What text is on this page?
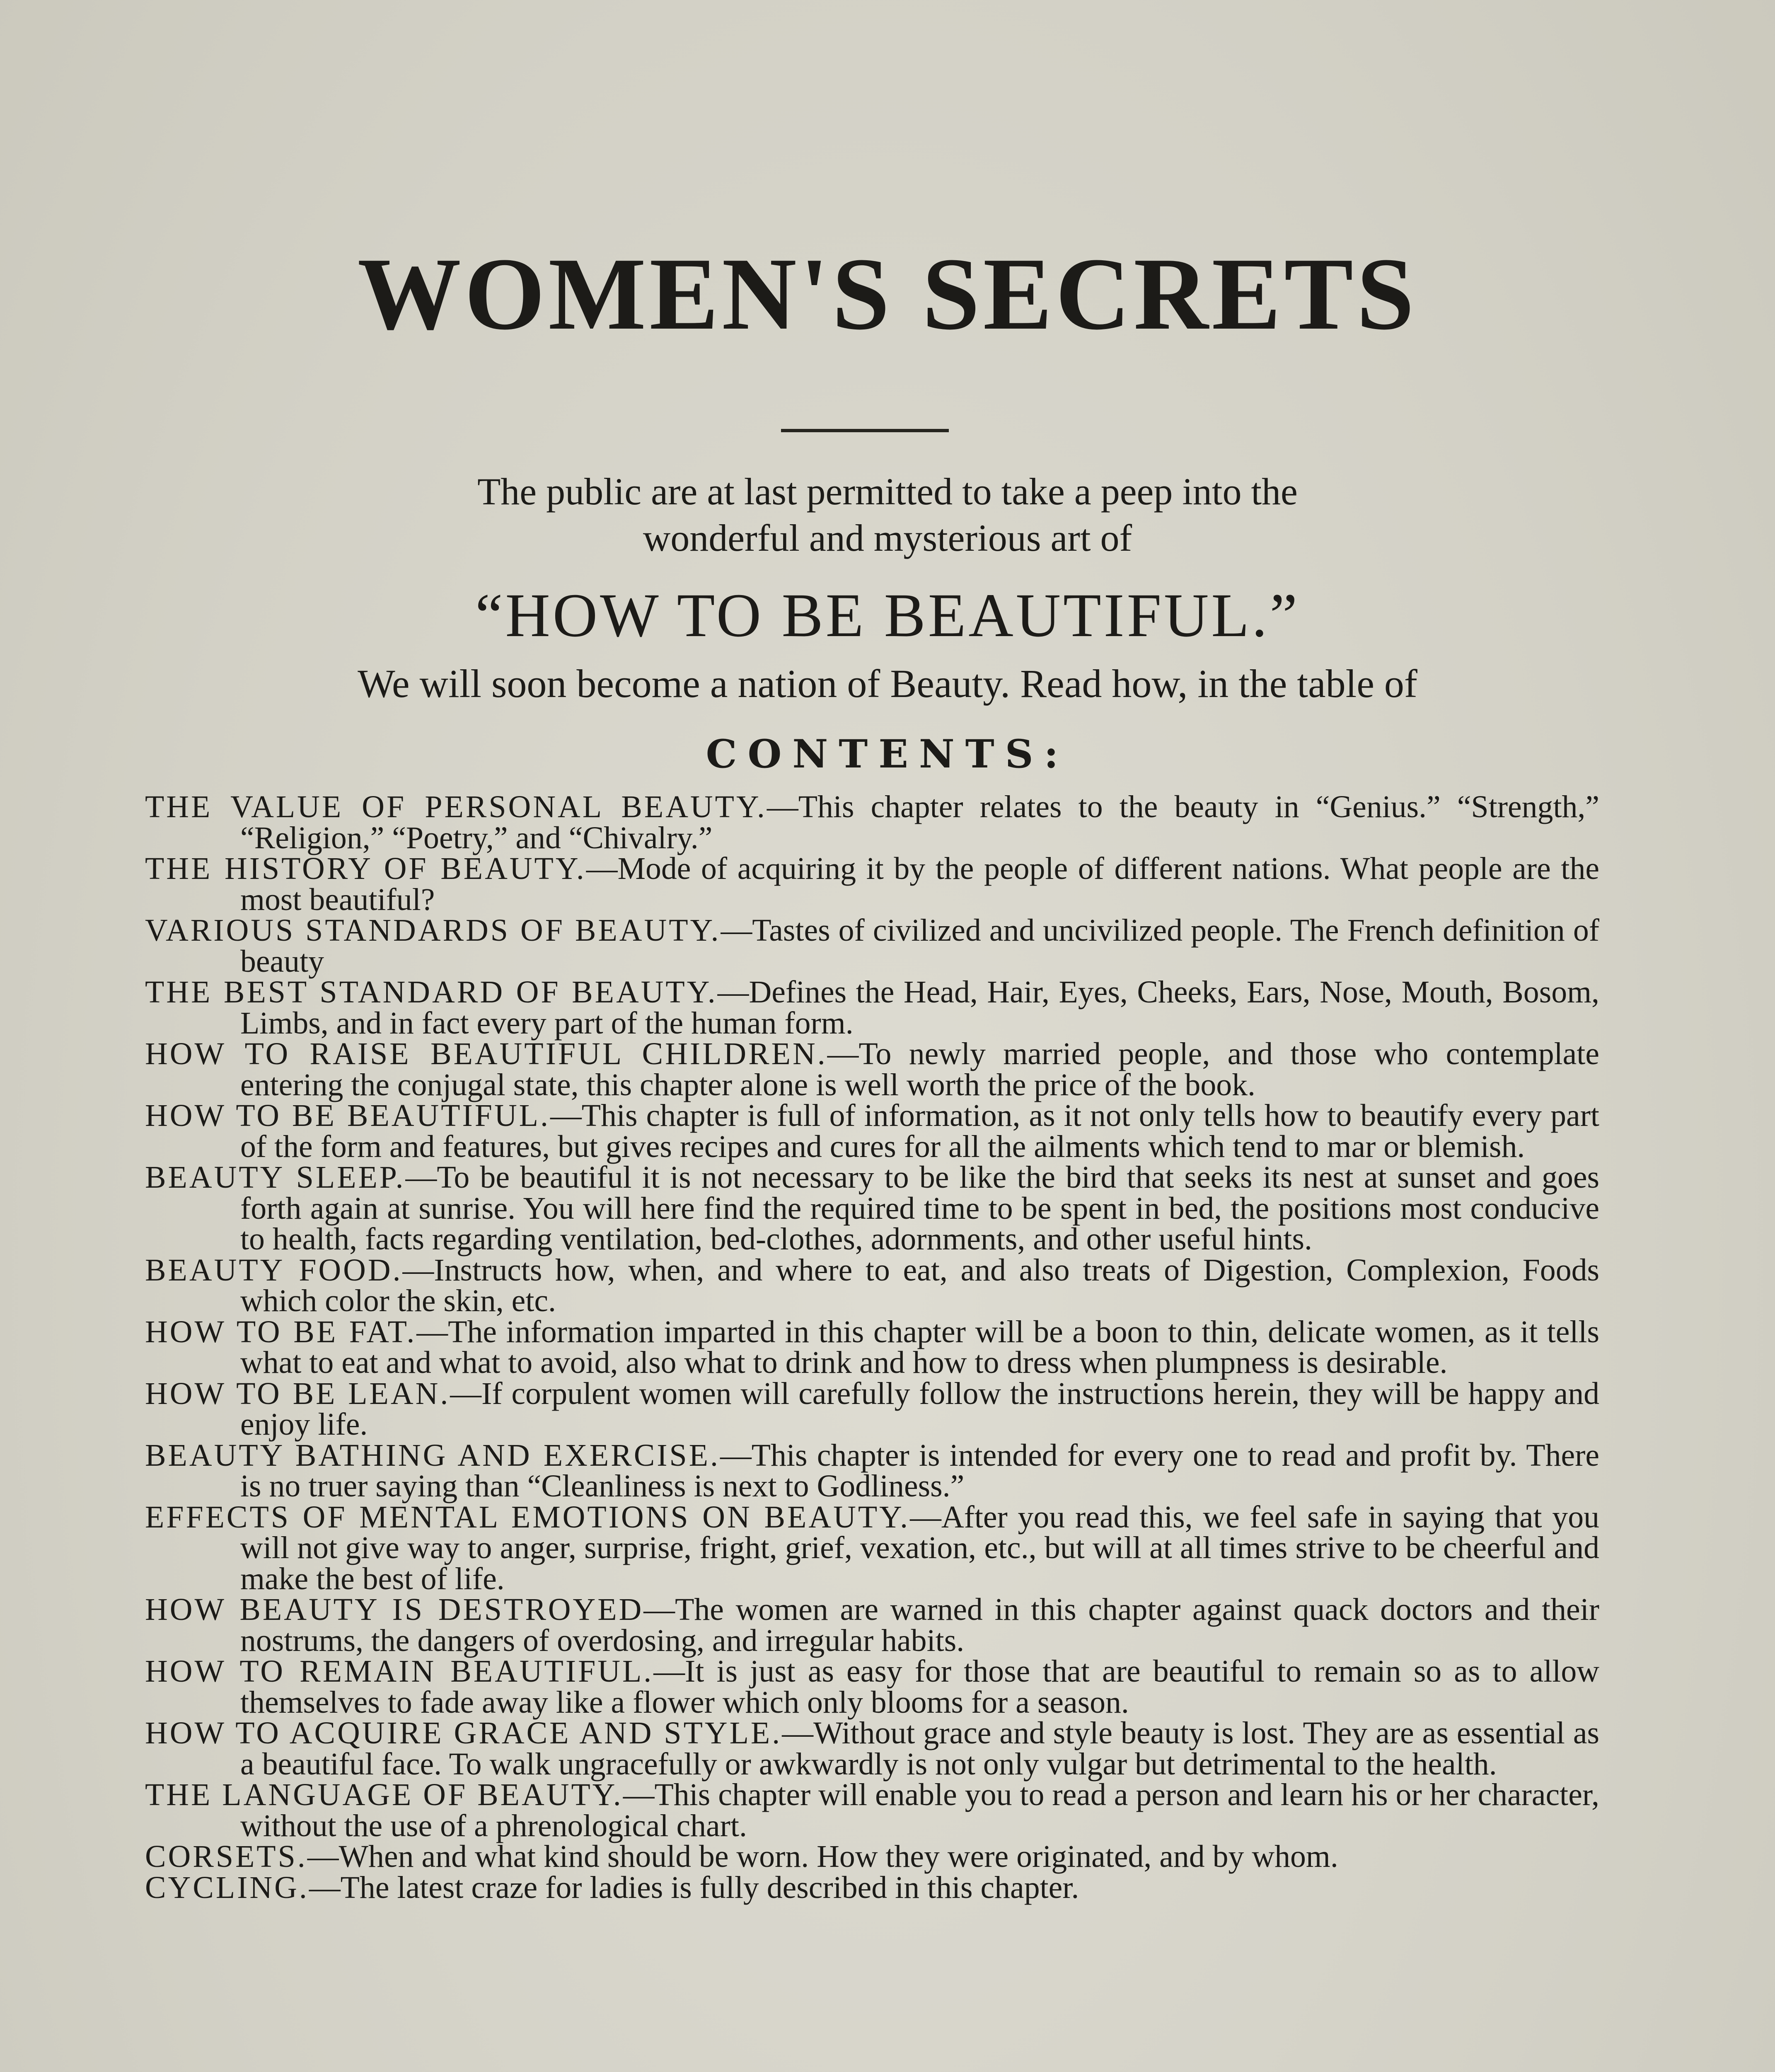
WOMEN'S SECRETS
The public are at last permitted to take a peep into the
wonderful and mysterious art of
“HOW TO BE BEAUTIFUL.”
We will soon become a nation of Beauty. Read how, in the table of
CONTENTS:
THE VALUE OF PERSONAL BEAUTY.—This chapter relates to the beauty in “Genius.” “Strength,” “Religion,” “Poetry,” and “Chivalry.”
THE HISTORY OF BEAUTY.—Mode of acquiring it by the people of different nations. What people are the most beautiful?
VARIOUS STANDARDS OF BEAUTY.—Tastes of civilized and uncivilized people. The French definition of beauty
THE BEST STANDARD OF BEAUTY.—Defines the Head, Hair, Eyes, Cheeks, Ears, Nose, Mouth, Bosom, Limbs, and in fact every part of the human form.
HOW TO RAISE BEAUTIFUL CHILDREN.—To newly married people, and those who contemplate entering the conjugal state, this chapter alone is well worth the price of the book.
HOW TO BE BEAUTIFUL.—This chapter is full of information, as it not only tells how to beautify every part of the form and features, but gives recipes and cures for all the ailments which tend to mar or blemish.
BEAUTY SLEEP.—To be beautiful it is not necessary to be like the bird that seeks its nest at sunset and goes forth again at sunrise. You will here find the required time to be spent in bed, the positions most conducive to health, facts regarding ventilation, bed-clothes, adornments, and other useful hints.
BEAUTY FOOD.—Instructs how, when, and where to eat, and also treats of Digestion, Complexion, Foods which color the skin, etc.
HOW TO BE FAT.—The information imparted in this chapter will be a boon to thin, delicate women, as it tells what to eat and what to avoid, also what to drink and how to dress when plumpness is desirable.
HOW TO BE LEAN.—If corpulent women will carefully follow the instructions herein, they will be happy and enjoy life.
BEAUTY BATHING AND EXERCISE.—This chapter is intended for every one to read and profit by. There is no truer saying than “Cleanliness is next to Godliness.”
EFFECTS OF MENTAL EMOTIONS ON BEAUTY.—After you read this, we feel safe in saying that you will not give way to anger, surprise, fright, grief, vexation, etc., but will at all times strive to be cheerful and make the best of life.
HOW BEAUTY IS DESTROYED—The women are warned in this chapter against quack doctors and their nostrums, the dangers of overdosing, and irregular habits.
HOW TO REMAIN BEAUTIFUL.—It is just as easy for those that are beautiful to remain so as to allow themselves to fade away like a flower which only blooms for a season.
HOW TO ACQUIRE GRACE AND STYLE.—Without grace and style beauty is lost. They are as essential as a beautiful face. To walk ungracefully or awkwardly is not only vulgar but detrimental to the health.
THE LANGUAGE OF BEAUTY.—This chapter will enable you to read a person and learn his or her character, without the use of a phrenological chart.
CORSETS.—When and what kind should be worn. How they were originated, and by whom.
CYCLING.—The latest craze for ladies is fully described in this chapter.
